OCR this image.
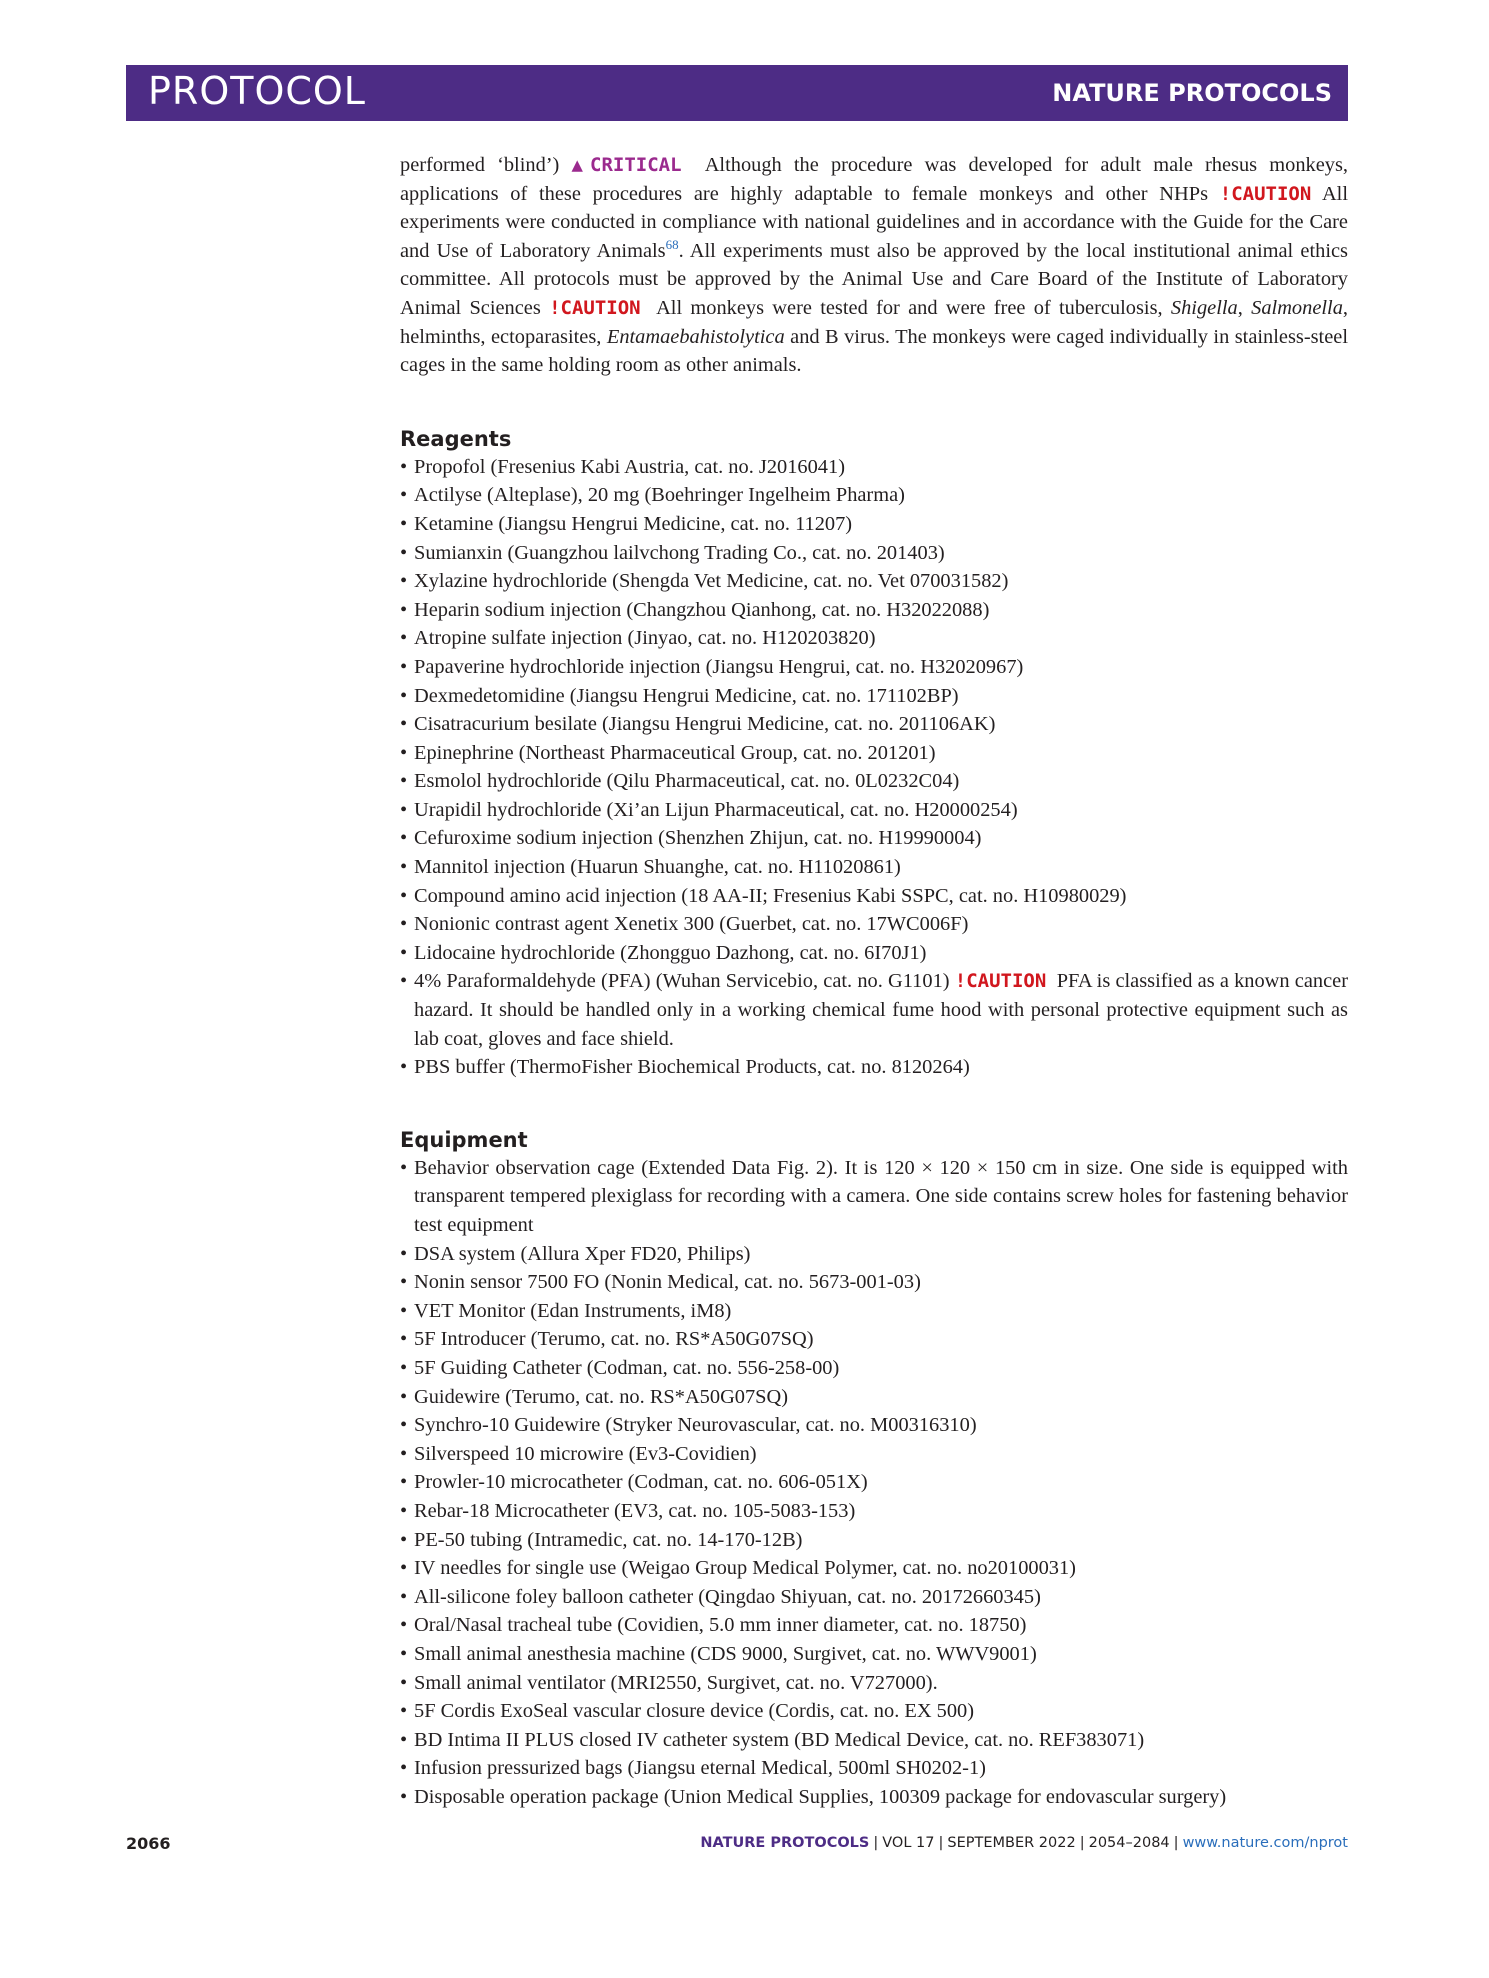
PROTOCOL	NATURE PROTOCOLS

performed ‘blind’) ▲CRITICAL Although the procedure was developed for adult male rhesus monkeys, applications of these procedures are highly adaptable to female monkeys and other NHPs !CAUTION All experiments were conducted in compliance with national guidelines and in accordance with the Guide for the Care and Use of Laboratory Animals$^{68}$. All experiments must also be approved by the local institutional animal ethics committee. All protocols must be approved by the Animal Use and Care Board of the Institute of Laboratory Animal Sciences !CAUTION All monkeys were tested for and were free of tuberculosis, Shigella, Salmonella, helminths, ectoparasites, Entamaebahistolytica and B virus. The monkeys were caged individually in stainless-steel cages in the same holding room as other animals.

Reagents
• Propofol (Fresenius Kabi Austria, cat. no. J2016041)
• Actilyse (Alteplase), 20 mg (Boehringer Ingelheim Pharma)
• Ketamine (Jiangsu Hengrui Medicine, cat. no. 11207)
• Sumianxin (Guangzhou lailvchong Trading Co., cat. no. 201403)
• Xylazine hydrochloride (Shengda Vet Medicine, cat. no. Vet 070031582)
• Heparin sodium injection (Changzhou Qianhong, cat. no. H32022088)
• Atropine sulfate injection (Jinyao, cat. no. H120203820)
• Papaverine hydrochloride injection (Jiangsu Hengrui, cat. no. H32020967)
• Dexmedetomidine (Jiangsu Hengrui Medicine, cat. no. 171102BP)
• Cisatracurium besilate (Jiangsu Hengrui Medicine, cat. no. 201106AK)
• Epinephrine (Northeast Pharmaceutical Group, cat. no. 201201)
• Esmolol hydrochloride (Qilu Pharmaceutical, cat. no. 0L0232C04)
• Urapidil hydrochloride (Xi’an Lijun Pharmaceutical, cat. no. H20000254)
• Cefuroxime sodium injection (Shenzhen Zhijun, cat. no. H19990004)
• Mannitol injection (Huarun Shuanghe, cat. no. H11020861)
• Compound amino acid injection (18 AA-II; Fresenius Kabi SSPC, cat. no. H10980029)
• Nonionic contrast agent Xenetix 300 (Guerbet, cat. no. 17WC006F)
• Lidocaine hydrochloride (Zhongguo Dazhong, cat. no. 6I70J1)
• 4% Paraformaldehyde (PFA) (Wuhan Servicebio, cat. no. G1101) !CAUTION PFA is classified as a known cancer hazard. It should be handled only in a working chemical fume hood with personal protective equipment such as lab coat, gloves and face shield.
• PBS buffer (ThermoFisher Biochemical Products, cat. no. 8120264)
Equipment
• Behavior observation cage (Extended Data Fig. 2). It is 120 × 120 × 150 cm in size. One side is equipped with transparent tempered plexiglass for recording with a camera. One side contains screw holes for fastening behavior test equipment
• DSA system (Allura Xper FD20, Philips)
• Nonin sensor 7500 FO (Nonin Medical, cat. no. 5673-001-03)
• VET Monitor (Edan Instruments, iM8)
• 5F Introducer (Terumo, cat. no. RS*A50G07SQ)
• 5F Guiding Catheter (Codman, cat. no. 556-258-00)
• Guidewire (Terumo, cat. no. RS*A50G07SQ)
• Synchro-10 Guidewire (Stryker Neurovascular, cat. no. M00316310)
• Silverspeed 10 microwire (Ev3-Covidien)
• Prowler-10 microcatheter (Codman, cat. no. 606-051X)
• Rebar-18 Microcatheter (EV3, cat. no. 105-5083-153)
• PE-50 tubing (Intramedic, cat. no. 14-170-12B)
• IV needles for single use (Weigao Group Medical Polymer, cat. no. no20100031)
• All-silicone foley balloon catheter (Qingdao Shiyuan, cat. no. 20172660345)
• Oral/Nasal tracheal tube (Covidien, 5.0 mm inner diameter, cat. no. 18750)
• Small animal anesthesia machine (CDS 9000, Surgivet, cat. no. WWV9001)
• Small animal ventilator (MRI2550, Surgivet, cat. no. V727000).
• 5F Cordis ExoSeal vascular closure device (Cordis, cat. no. EX 500)
• BD Intima II PLUS closed IV catheter system (BD Medical Device, cat. no. REF383071)
• Infusion pressurized bags (Jiangsu eternal Medical, 500ml SH0202-1)
• Disposable operation package (Union Medical Supplies, 100309 package for endovascular surgery)
2066	NATURE PROTOCOLS | VOL 17 | SEPTEMBER 2022 | 2054–2084 | www.nature.com/nprot
